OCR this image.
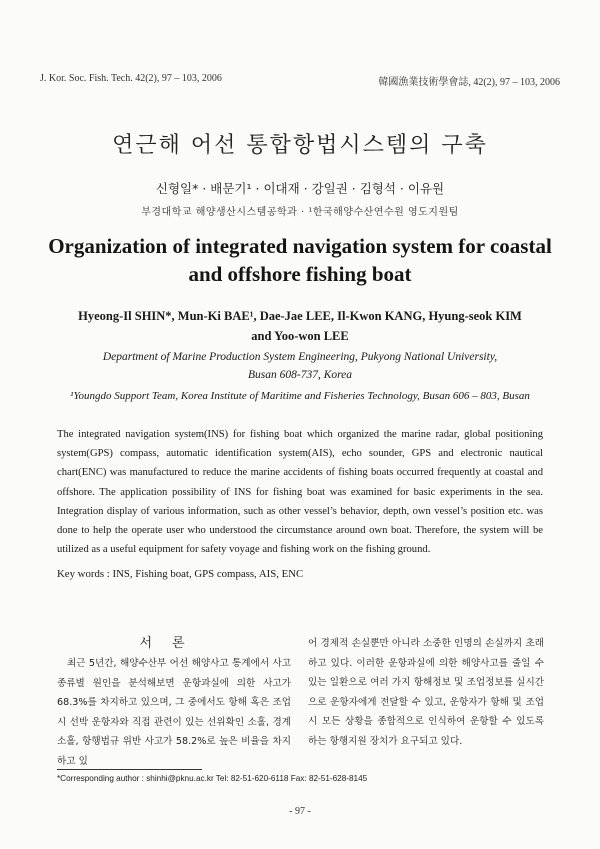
J. Kor. Soc. Fish. Tech. 42(2), 97 – 103, 2006	韓國漁業技術學會誌, 42(2), 97 – 103, 2006
연근해 어선 통합항법시스템의 구축
신형일* · 배문기¹ · 이대재 · 강일권 · 김형석 · 이유원
부경대학교 해양생산시스템공학과 · ¹한국해양수산연수원 영도지원팀
Organization of integrated navigation system for coastal and offshore fishing boat
Hyeong-Il SHIN*, Mun-Ki BAE¹, Dae-Jae LEE, Il-Kwon KANG, Hyung-seok KIM
and Yoo-won LEE
Department of Marine Production System Engineering, Pukyong National University,
Busan 608-737, Korea
¹Youngdo Support Team, Korea Institute of Maritime and Fisheries Technology, Busan 606 – 803, Busan
The integrated navigation system(INS) for fishing boat which organized the marine radar, global positioning system(GPS) compass, automatic identification system(AIS), echo sounder, GPS and electronic nautical chart(ENC) was manufactured to reduce the marine accidents of fishing boats occurred frequently at coastal and offshore. The application possibility of INS for fishing boat was examined for basic experiments in the sea. Integration display of various information, such as other vessel’s behavior, depth, own vessel’s position etc. was done to help the operate user who understood the circumstance around own boat. Therefore, the system will be utilized as a useful equipment for safety voyage and fishing work on the fishing ground.
Key words : INS, Fishing boat, GPS compass, AIS, ENC
서론

최근 5년간, 해양수산부 어선 해양사고 통계에서 사고 종류별 원인을 분석해보면 운항과실에 의한 사고가 68.3%를 차지하고 있으며, 그 중에서도 항해 혹은 조업시 선박 운항자와 직접 관련이 있는 선위확인 소홀, 경계소홀, 항행법규 위반 사고가 58.2%로 높은 비율을 차지하고 있

어 경제적 손실뿐만 아니라 소중한 인명의 손실까지 초래하고 있다. 이러한 운항과실에 의한 해양사고를 줄일 수 있는 일환으로 여러 가지 항해정보 및 조업정보를 실시간으로 운항자에게 전달할 수 있고, 운항자가 항해 및 조업시 모든 상황을 종합적으로 인식하여 운항할 수 있도록 하는 항행지원 장치가 요구되고 있다.

*Corresponding author : shinhi@pknu.ac.kr Tel: 82-51-620-6118 Fax: 82-51-628-8145
- 97 -
